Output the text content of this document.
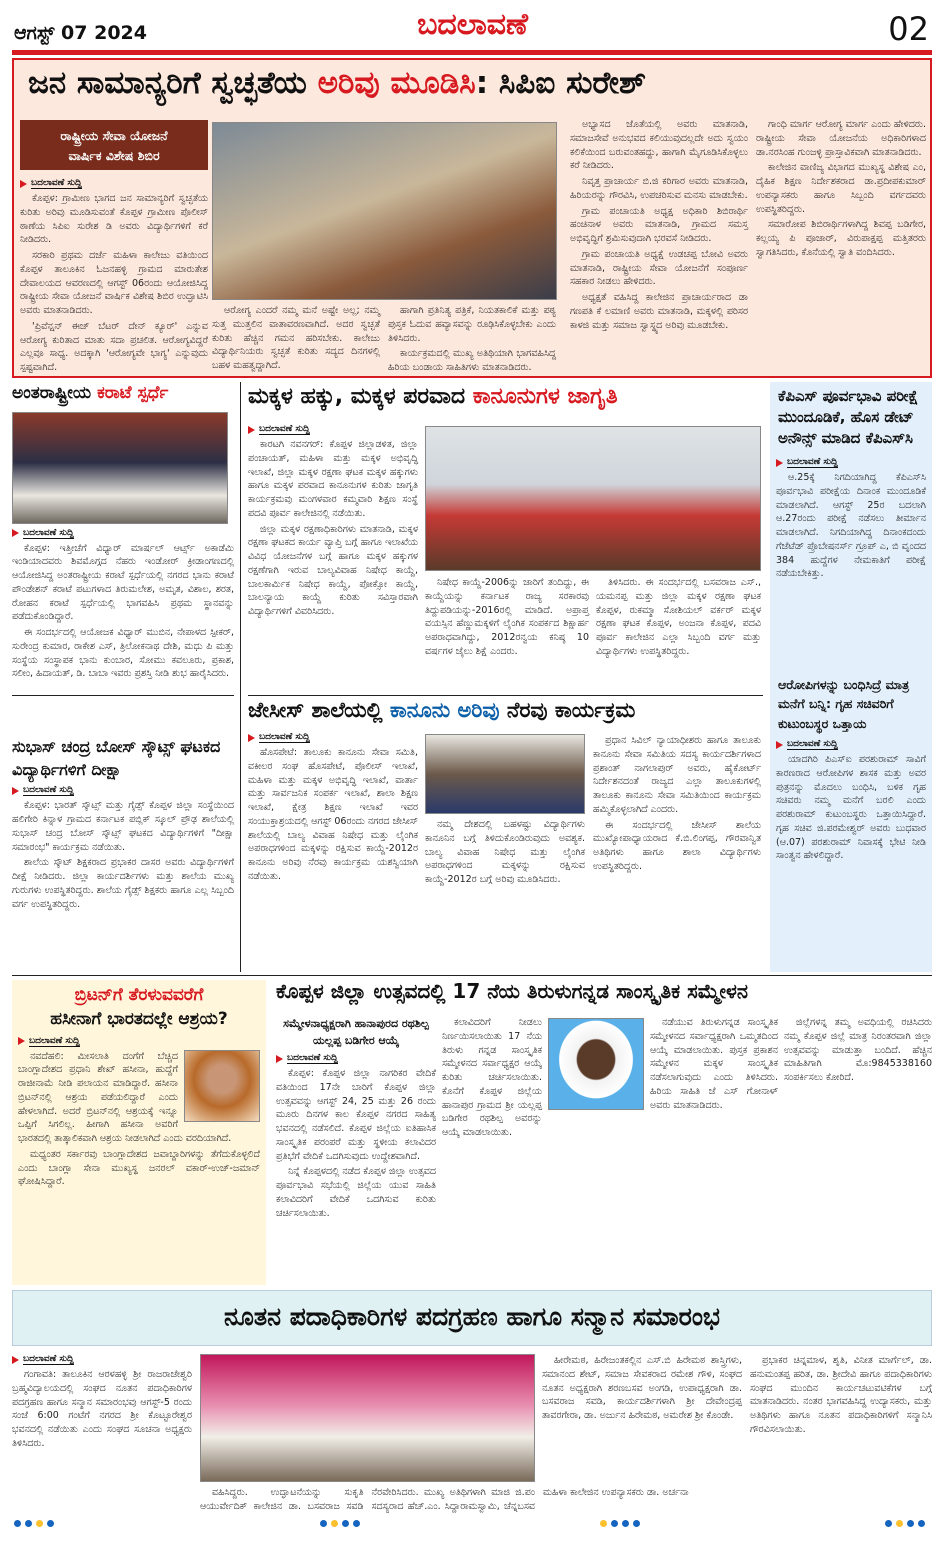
ಆಗಸ್ಟ್ 07 2024	ಬದಲಾವಣೆ	02
ಜನ ಸಾಮಾನ್ಯರಿಗೆ ಸ್ವಚ್ಛತೆಯ ಅರಿವು ಮೂಡಿಸಿ: ಸಿಪಿಐ ಸುರೇಶ್
ರಾಷ್ಟ್ರೀಯ ಸೇವಾ ಯೋಜನೆ
ವಾರ್ಷಿಕ ವಿಶೇಷ ಶಿಬಿರ
ಬದಲಾವಣೆ ಸುದ್ದಿ

ಕೊಪ್ಪಳ: ಗ್ರಾಮೀಣ ಭಾಗದ ಜನ ಸಾಮಾನ್ಯರಿಗೆ ಸ್ವಚ್ಛತೆಯ ಕುರಿತು ಅರಿವು ಮೂಡಿಸುವಂತೆ ಕೊಪ್ಪಳ ಗ್ರಾಮೀಣ ಪೊಲೀಸ್ ಠಾಣೆಯ ಸಿಪಿಐ ಸುರೇಶ ಡಿ ಅವರು ವಿದ್ಯಾರ್ಥಿಗಳಿಗೆ ಕರೆ ನೀಡಿದರು.

ಸರಕಾರಿ ಪ್ರಥಮ ದರ್ಜೆ ಮಹಿಳಾ ಕಾಲೇಜು ವತಿಯಿಂದ ಕೊಪ್ಪಳ ತಾಲೂಕಿನ ಓಜನಹಳ್ಳಿ ಗ್ರಾಮದ ಮಾರುತೇಶ ದೇವಾಲಯದ ಆವರಣದಲ್ಲಿ ಆಗಸ್ಟ್ 06ರಂದು ಆಯೋಜಿಸಿದ್ದ ರಾಷ್ಟ್ರೀಯ ಸೇವಾ ಯೋಜನೆ ವಾರ್ಷಿಕ ವಿಶೇಷ ಶಿಬಿರ ಉದ್ಘಾಟಿಸಿ ಅವರು ಮಾತನಾಡಿದರು.

'ಪ್ರಿವೆನ್ಷನ್ ಈಜ್ ಬೆಟರ್ ದೇನ್ ಕ್ಯೂರ್' ಎನ್ನುವ ಆರೋಗ್ಯ ಕುರಿತಾದ ಮಾತು ಸದಾ ಪ್ರಚಲಿತ. ಆರೋಗ್ಯವಿದ್ದರೆ ಎಲ್ಲವೂ ಸಾಧ್ಯ. ಅದಕ್ಕಾಗಿ 'ಆರೋಗ್ಯವೇ ಭಾಗ್ಯ' ಎನ್ನುವುದು ಸ್ಪಷ್ಟವಾಗಿದೆ.

ಆರೋಗ್ಯ ಎಂದರೆ ನಮ್ಮ ಮನೆ ಅಷ್ಟೇ ಅಲ್ಲ; ನಮ್ಮ ಸುತ್ತ ಮುತ್ತಲಿನ ವಾತಾವರಣವಾಗಿದೆ. ಅದರ ಸ್ವಚ್ಛತೆ ಕುರಿತು ಹೆಚ್ಚಿನ ಗಮನ ಹರಿಸಬೇಕು. ಕಾಲೇಜು ವಿದ್ಯಾರ್ಥಿನಿಯರು ಸ್ವಚ್ಛತೆ ಕುರಿತು ಸದ್ಯದ ದಿನಗಳಲ್ಲಿ ಬಹಳ ಮಹತ್ವದ್ದಾಗಿದೆ.

ಹಾಗಾಗಿ ಪ್ರತಿನಿತ್ಯ ಪತ್ರಿಕೆ, ನಿಯತಕಾಲಿಕೆ ಮತ್ತು ಪಠ್ಯ ಪುಸ್ತಕ ಓದುವ ಹವ್ಯಾಸವನ್ನು ರೂಢಿಸಿಕೊಳ್ಳಬೇಕು ಎಂದು ತಿಳಿಸಿದರು.

ಕಾರ್ಯಕ್ರಮದಲ್ಲಿ ಮುಖ್ಯ ಅತಿಥಿಯಾಗಿ ಭಾಗವಹಿಸಿದ್ದ ಹಿರಿಯ ಬಂಡಾಯ ಸಾಹಿತಿಗಳು ಮಾತನಾಡಿದರು.

ಅಭ್ಯಾಸದ ಜೊತೆಯಲ್ಲಿ ಅವರು ಮಾತನಾಡಿ, ಸಮಾಜಸೇವೆ ಅನುಭವದ ಕಲಿಯುವುದಲ್ಲದೇ ಅದು ಸ್ವಯಂ ಕಲಿಕೆಯಿಂದ ಬರುವಂತಹದ್ದು, ಹಾಗಾಗಿ ಮೈಗೂಡಿಸಿಕೊಳ್ಳಲು ಕರೆ ನೀಡಿದರು.

ನಿವೃತ್ತ ಪ್ರಾಚಾರ್ಯ ಬಿ.ಜಿ ಕರಿಗಾರ ಅವರು ಮಾತನಾಡಿ, ಹಿರಿಯರನ್ನು ಗೌರವಿಸಿ, ಉಪಚರಿಸುವ ಮನಸು ಮಾಡಬೇಕು.

ಗ್ರಾಮ ಪಂಚಾಯತಿ ಅಧ್ಯಕ್ಷ ಅಧಿಕಾರಿ ಶಿಬಿರಾರ್ಥಿ ಹಂಚಿನಾಳ ಅವರು ಮಾತನಾಡಿ, ಗ್ರಾಮದ ಸಮಸ್ತ ಅಭಿವೃದ್ಧಿಗೆ ಶ್ರಮಿಸುವುದಾಗಿ ಭರವಸೆ ನೀಡಿದರು.

ಗ್ರಾಮ ಪಂಚಾಯತಿ ಅಧ್ಯಕ್ಷೆ ಉಡಚಪ್ಪ ಬೋವಿ ಅವರು ಮಾತನಾಡಿ, ರಾಷ್ಟ್ರೀಯ ಸೇವಾ ಯೋಜನೆಗೆ ಸಂಪೂರ್ಣ ಸಹಕಾರ ನೀಡಲು ಹೇಳಿದರು.

ಅಧ್ಯಕ್ಷತೆ ವಹಿಸಿದ್ದ ಕಾಲೇಜಿನ ಪ್ರಾಚಾರ್ಯರಾದ ಡಾ ಗಣಪತಿ ಕೆ ಲಮಾಣಿ ಅವರು ಮಾತನಾಡಿ, ಮಕ್ಕಳಲ್ಲಿ ಪರಿಸರ ಕಾಳಜಿ ಮತ್ತು ಸಮಾಜ ಸ್ವಾಸ್ಥ್ಯದ ಅರಿವು ಮೂಡಬೇಕು.

ಗಾಂಧಿ ಮಾರ್ಗ ಆರೋಗ್ಯ ಮಾರ್ಗ ಎಂದು ಹೇಳಿದರು. ರಾಷ್ಟ್ರೀಯ ಸೇವಾ ಯೋಜನೆಯ ಅಧಿಕಾರಿಗಳಾದ ಡಾ.ನರಸಿಂಹ ಗುಂಜಳ್ಳಿ ಪ್ರಾಸ್ತಾವಿಕವಾಗಿ ಮಾತನಾಡಿದರು.

ಕಾಲೇಜಿನ ವಾಣಿಜ್ಯ ವಿಭಾಗದ ಮುಖ್ಯಸ್ಥ ವಿಶೇಷ ಎಂ, ದೈಹಿಕ ಶಿಕ್ಷಣ ನಿರ್ದೇಶಕರಾದ ಡಾ.ಪ್ರದೀಪಕುಮಾರ್ ಉಪನ್ಯಾಸಕರು ಹಾಗೂ ಸಿಬ್ಬಂದಿ ವರ್ಗದವರು ಉಪಸ್ಥಿತರಿದ್ದರು.

ಸಮಾರೋಪ ಶಿಬಿರಾರ್ಥಿಗಳಾಗಿದ್ದ ಶಿವಪ್ಪ ಬಡಿಗೇರ, ಕಲ್ಲಯ್ಯ ಪಿ ಪೂಜಾರ್, ವಿರುಪಾಕ್ಷಪ್ಪ ಮತ್ತಿತರರು ಸ್ವಾಗತಿಸಿದರು, ಕೊನೆಯಲ್ಲಿ ಸ್ವಾತಿ ವಂದಿಸಿದರು.

ಅಂತರಾಷ್ಟ್ರೀಯ ಕರಾಟೆ ಸ್ಪರ್ಧೆ
ಬದಲಾವಣೆ ಸುದ್ದಿ

ಕೊಪ್ಪಳ: ಇತ್ತೀಚೆಗೆ ವಿಧ್ಯಾರ್ ಮಾರ್ಷಲ್ ಆರ್ಟ್ಸ್ ಅಕಾಡೆಮಿ ಇಂಡಿಯಾದವರು ಶಿವಮೊಗ್ಗದ ನೆಹರು ಇಂಡೋರ್ ಕ್ರೀಡಾಂಗಣದಲ್ಲಿ ಆಯೋಜಿಸಿದ್ದ ಅಂತರಾಷ್ಟ್ರೀಯ ಕರಾಟೆ ಸ್ಪರ್ಧೆಯಲ್ಲಿ ನಗರದ ಭಾನು ಕರಾಟೆ ಪೌಂಡೇಶನ್ ಕರಾಟೆ ಪಟುಗಳಾದ ತಿರುಮಲೇಶ, ಅಮೃತ, ವಿಶಾಲ, ಶರತ, ರೋಹನ ಕರಾಟೆ ಸ್ಪರ್ಧೆಯಲ್ಲಿ ಭಾಗವಹಿಸಿ ಪ್ರಥಮ ಸ್ಥಾನವನ್ನು ಪಡೆದುಕೊಂಡಿದ್ದಾರೆ.

ಈ ಸಂದರ್ಭದಲ್ಲಿ ಆಯೋಜಕ ವಿಧ್ಯಾರ್ ಮುಬಿನ, ನೇಪಾಳದ ಸ್ಪೀಕರ್, ಸುರೇಂದ್ರ ಕುಮಾರ, ರಾಕೇಶ ಎಸ್, ತ್ರಿಲೋಕನಾಥ ದೇಶಿ, ಮಧು ಪಿ ಮತ್ತು ಸಂಸ್ಥೆಯ ಸಂಸ್ಥಾಪಕ ಭಾನು ಕುಂಬಾರ, ಸೋಮು ಕವಲೂರು, ಪ್ರಕಾಶ, ಸಲೀಂ, ಹಿದಾಯತ್, ಡಿ. ಬಾಬಾ ಇವರು ಪ್ರಶಸ್ತಿ ನೀಡಿ ಶುಭ ಹಾರೈಸಿದರು.

ಸುಭಾಸ್ ಚಂದ್ರ ಬೋಸ್ ಸ್ಕೌಟ್ಸ್ ಘಟಕದ ವಿದ್ಯಾರ್ಥಿಗಳಿಗೆ ದೀಕ್ಷಾ
ಬದಲಾವಣೆ ಸುದ್ದಿ

ಕೊಪ್ಪಳ: ಭಾರತ್ ಸ್ಕೌಟ್ಸ್ ಮತ್ತು ಗೈಡ್ಸ್ ಕೊಪ್ಪಳ ಜಿಲ್ಲಾ ಸಂಸ್ಥೆಯಿಂದ ಹಲಿಗೇರಿ ಕಿನ್ನಾಳ ಗ್ರಾಮದ ಕರ್ನಾಟಕ ಪಬ್ಲಿಕ್ ಸ್ಕೂಲ್ ಪ್ರೌಢ ಶಾಲೆಯಲ್ಲಿ ಸುಭಾಸ್ ಚಂದ್ರ ಬೋಸ್ ಸ್ಕೌಟ್ಸ್ ಘಟಕದ ವಿದ್ಯಾರ್ಥಿಗಳಿಗೆ "ದೀಕ್ಷಾ ಸಮಾರಂಭ" ಕಾರ್ಯಕ್ರಮ ನಡೆಯಿತು.

ಶಾಲೆಯ ಸ್ಕೌಟ್ ಶಿಕ್ಷಕರಾದ ಪ್ರಭಾಕರ ದಾಸರ ಅವರು ವಿದ್ಯಾರ್ಥಿಗಳಿಗೆ ದೀಕ್ಷೆ ನೀಡಿದರು. ಜಿಲ್ಲಾ ಕಾರ್ಯದರ್ಶಿಗಳು ಮತ್ತು ಶಾಲೆಯ ಮುಖ್ಯ ಗುರುಗಳು ಉಪಸ್ಥಿತರಿದ್ದರು. ಶಾಲೆಯ ಗೈಡ್ಸ್ ಶಿಕ್ಷಕರು ಹಾಗೂ ಎಲ್ಲ ಸಿಬ್ಬಂದಿ ವರ್ಗ ಉಪಸ್ಥಿತರಿದ್ದರು.

ಮಕ್ಕಳ ಹಕ್ಕು, ಮಕ್ಕಳ ಪರವಾದ ಕಾನೂನುಗಳ ಜಾಗೃತಿ
ಬದಲಾವಣೆ ಸುದ್ದಿ

ಕಾರಟಗಿ ನವನಗರ್: ಕೊಪ್ಪಳ ಜಿಲ್ಲಾಡಳಿತ, ಜಿಲ್ಲಾ ಪಂಚಾಯತ್, ಮಹಿಳಾ ಮತ್ತು ಮಕ್ಕಳ ಅಭಿವೃದ್ಧಿ ಇಲಾಖೆ, ಜಿಲ್ಲಾ ಮಕ್ಕಳ ರಕ್ಷಣಾ ಘಟಕ ಮಕ್ಕಳ ಹಕ್ಕುಗಳು ಹಾಗೂ ಮಕ್ಕಳ ಪರವಾದ ಕಾನೂನುಗಳ ಕುರಿತು ಜಾಗೃತಿ ಕಾರ್ಯಕ್ರಮವು ಮಂಗಳವಾರ ಕಮ್ಮವಾರಿ ಶಿಕ್ಷಣ ಸಂಸ್ಥೆ ಪದವಿ ಪೂರ್ವ ಕಾಲೇಜಿನಲ್ಲಿ ನಡೆಯಿತು.

ಜಿಲ್ಲಾ ಮಕ್ಕಳ ರಕ್ಷಣಾಧಿಕಾರಿಗಳು ಮಾತನಾಡಿ, ಮಕ್ಕಳ ರಕ್ಷಣಾ ಘಟಕದ ಕಾರ್ಯ ವ್ಯಾಪ್ತಿ ಬಗ್ಗೆ ಹಾಗೂ ಇಲಾಖೆಯ ವಿವಿಧ ಯೋಜನೆಗಳ ಬಗ್ಗೆ ಹಾಗೂ ಮಕ್ಕಳ ಹಕ್ಕುಗಳ ರಕ್ಷಣೆಗಾಗಿ ಇರುವ ಬಾಲ್ಯವಿವಾಹ ನಿಷೇಧ ಕಾಯ್ದೆ, ಬಾಲಕಾರ್ಮಿಕ ನಿಷೇಧ ಕಾಯ್ದೆ, ಪೋಕ್ಸೋ ಕಾಯ್ದೆ, ಬಾಲನ್ಯಾಯ ಕಾಯ್ದೆ ಕುರಿತು ಸವಿಸ್ತಾರವಾಗಿ ವಿದ್ಯಾರ್ಥಿಗಳಿಗೆ ವಿವರಿಸಿದರು.

ನಿಷೇಧ ಕಾಯ್ದೆ-2006ನ್ನು ಜಾರಿಗೆ ತಂದಿದ್ದು, ಈ ಕಾಯ್ದೆಯನ್ನು ಕರ್ನಾಟಕ ರಾಜ್ಯ ಸರಕಾರವು ತಿದ್ದುಪಡಿಯನ್ನು-2016ರಲ್ಲಿ ಮಾಡಿದೆ. ಅಪ್ರಾಪ್ತ ವಯಸ್ಸಿನ ಹೆಣ್ಣುಮಕ್ಕಳಿಗೆ ಲೈಂಗಿಕ ಸಂಪರ್ಕದ ಶಿಕ್ಷಾರ್ಹ ಅಪರಾಧವಾಗಿದ್ದು, 2012ರನ್ವಯ ಕನಿಷ್ಠ 10 ವರ್ಷಗಳ ಜೈಲು ಶಿಕ್ಷೆ ಎಂದರು.

ತಿಳಿಸಿದರು. ಈ ಸಂದರ್ಭದಲ್ಲಿ ಬಸವರಾಜ ಎಸ್., ಯಮನಪ್ಪ ಮತ್ತು ಜಿಲ್ಲಾ ಮಕ್ಕಳ ರಕ್ಷಣಾ ಘಟಕ ಕೊಪ್ಪಳ, ರುಕಮ್ಮಾ ಸೋಶಿಯಲ್ ವರ್ಕರ್ ಮಕ್ಕಳ ರಕ್ಷಣಾ ಘಟಕ ಕೊಪ್ಪಳ, ಅಂಜನಾ ಕೊಪ್ಪಳ, ಪದವಿ ಪೂರ್ವ ಕಾಲೇಜಿನ ಎಲ್ಲಾ ಸಿಬ್ಬಂದಿ ವರ್ಗ ಮತ್ತು ವಿದ್ಯಾರ್ಥಿಗಳು ಉಪಸ್ಥಿತರಿದ್ದರು.

ಜೇಸೀಸ್ ಶಾಲೆಯಲ್ಲಿ ಕಾನೂನು ಅರಿವು ನೆರವು ಕಾರ್ಯಕ್ರಮ
ಬದಲಾವಣೆ ಸುದ್ದಿ

ಹೊಸಪೇಟೆ: ತಾಲೂಕು ಕಾನೂನು ಸೇವಾ ಸಮಿತಿ, ವಕೀಲರ ಸಂಘ ಹೊಸಪೇಟೆ, ಪೊಲೀಸ್ ಇಲಾಖೆ, ಮಹಿಳಾ ಮತ್ತು ಮಕ್ಕಳ ಅಭಿವೃದ್ಧಿ ಇಲಾಖೆ, ವಾರ್ತಾ ಮತ್ತು ಸಾರ್ವಜನಿಕ ಸಂಪರ್ಕ ಇಲಾಖೆ, ಶಾಲಾ ಶಿಕ್ಷಣ ಇಲಾಖೆ, ಕ್ಷೇತ್ರ ಶಿಕ್ಷಣ ಇಲಾಖೆ ಇವರ ಸಂಯುಕ್ತಾಶ್ರಯದಲ್ಲಿ ಆಗಸ್ಟ್ 06ರಂದು ನಗರದ ಜೇಸೀಸ್ ಶಾಲೆಯಲ್ಲಿ ಬಾಲ್ಯ ವಿವಾಹ ನಿಷೇಧ ಮತ್ತು ಲೈಂಗಿಕ ಅಪರಾಧಗಳಿಂದ ಮಕ್ಕಳನ್ನು ರಕ್ಷಿಸುವ ಕಾಯ್ದೆ-2012ರ ಕಾನೂನು ಅರಿವು ನೆರವು ಕಾರ್ಯಕ್ರಮ ಯಶಸ್ವಿಯಾಗಿ ನಡೆಯಿತು.

ನಮ್ಮ ದೇಶದಲ್ಲಿ ಬಹಳಷ್ಟು ವಿದ್ಯಾರ್ಥಿಗಳು ಕಾನೂನಿನ ಬಗ್ಗೆ ತಿಳಿದುಕೊಂಡಿರುವುದು ಅವಶ್ಯಕ. ಬಾಲ್ಯ ವಿವಾಹ ನಿಷೇಧ ಮತ್ತು ಲೈಂಗಿಕ ಅಪರಾಧಗಳಿಂದ ಮಕ್ಕಳನ್ನು ರಕ್ಷಿಸುವ ಕಾಯ್ದೆ-2012ರ ಬಗ್ಗೆ ಅರಿವು ಮೂಡಿಸಿದರು.

ಪ್ರಧಾನ ಸಿವಿಲ್ ನ್ಯಾಯಾಧೀಶರು ಹಾಗೂ ತಾಲೂಕು ಕಾನೂನು ಸೇವಾ ಸಮಿತಿಯ ಸದಸ್ಯ ಕಾರ್ಯದರ್ಶಿಗಳಾದ ಪ್ರಶಾಂತ್ ನಾಗಲಾಪುರ್ ಅವರು, ಹೈಕೋರ್ಟ್ ನಿರ್ದೇಶನದಂತೆ ರಾಜ್ಯದ ಎಲ್ಲಾ ತಾಲೂಕುಗಳಲ್ಲಿ ತಾಲೂಕು ಕಾನೂನು ಸೇವಾ ಸಮಿತಿಯಿಂದ ಕಾರ್ಯಕ್ರಮ ಹಮ್ಮಿಕೊಳ್ಳಲಾಗಿದೆ ಎಂದರು.

ಈ ಸಂದರ್ಭದಲ್ಲಿ ಜೇಸೀಸ್ ಶಾಲೆಯ ಮುಖ್ಯೋಪಾಧ್ಯಾಯರಾದ ಕೆ.ಬಿ.ಲಿಂಗಪ್ಪ, ಗೌರವಾನ್ವಿತ ಅತಿಥಿಗಳು ಹಾಗೂ ಶಾಲಾ ವಿದ್ಯಾರ್ಥಿಗಳು ಉಪಸ್ಥಿತರಿದ್ದರು.

ಕೆಪಿಎಸ್ ಪೂರ್ವಭಾವಿ ಪರೀಕ್ಷೆ ಮುಂದೂಡಿಕೆ, ಹೊಸ ಡೇಟ್ ಅನೌನ್ಸ್ ಮಾಡಿದ ಕೆಪಿಎಸ್‌ಸಿ
ಬದಲಾವಣೆ ಸುದ್ದಿ

ಆ.25ಕ್ಕೆ ನಿಗದಿಯಾಗಿದ್ದ ಕೆಪಿಎಸ್‌ಸಿ ಪೂರ್ವಭಾವಿ ಪರೀಕ್ಷೆಯ ದಿನಾಂಕ ಮುಂದೂಡಿಕೆ ಮಾಡಲಾಗಿದೆ. ಆಗಸ್ಟ್ 25ರ ಬದಲಾಗಿ ಆ.27ರಂದು ಪರೀಕ್ಷೆ ನಡೆಸಲು ತೀರ್ಮಾನ ಮಾಡಲಾಗಿದೆ. ನಿಗದಿಯಾಗಿದ್ದ ದಿನಾಂಕದಂದು ಗೆಜೆಟೆಡ್ ಪ್ರೊಬೇಷನರ್ಸ್ ಗ್ರೂಪ್ ಎ, ಬಿ ವೃಂದದ 384 ಹುದ್ದೆಗಳ ನೇಮಕಾತಿಗೆ ಪರೀಕ್ಷೆ ನಡೆಯಬೇಕಿತ್ತು.

ಆರೋಪಿಗಳನ್ನು ಬಂಧಿಸಿದ್ರೆ ಮಾತ್ರ ಮನೆಗೆ ಬನ್ನಿ: ಗೃಹ ಸಚಿವರಿಗೆ ಕುಟುಂಬಸ್ಥರ ಒತ್ತಾಯ
ಬದಲಾವಣೆ ಸುದ್ದಿ

ಯಾದಗಿರಿ ಪಿಎಸ್‌ಐ ಪರಶುರಾಮ್ ಸಾವಿಗೆ ಕಾರಣರಾದ ಆರೋಪಿಗಳ ಶಾಸಕ ಮತ್ತು ಅವರ ಪುತ್ರನನ್ನು ಮೊದಲು ಬಂಧಿಸಿ, ಬಳಿಕ ಗೃಹ ಸಚಿವರು ನಮ್ಮ ಮನೆಗೆ ಬರಲಿ ಎಂದು ಪರಶುರಾಮ್ ಕುಟುಂಬಸ್ಥರು ಒತ್ತಾಯಿಸಿದ್ದಾರೆ. ಗೃಹ ಸಚಿವ ಜಿ.ಪರಮೇಶ್ವರ್ ಅವರು ಬುಧವಾರ (ಆ.07) ಪರಶುರಾಮ್ ನಿವಾಸಕ್ಕೆ ಭೇಟಿ ನೀಡಿ ಸಾಂತ್ವನ ಹೇಳಲಿದ್ದಾರೆ.

ಬ್ರಿಟನ್‌ಗೆ ತೆರಳುವವರೆಗೆ
ಹಸೀನಾಗೆ ಭಾರತದಲ್ಲೇ ಆಶ್ರಯ?
ಬದಲಾವಣೆ ಸುದ್ದಿ

ನವದೆಹಲಿ: ಮೀಸಲಾತಿ ದಂಗೆಗೆ ಬೆಚ್ಚಿದ ಬಾಂಗ್ಲಾದೇಶದ ಪ್ರಧಾನಿ ಶೇಖ್ ಹಸೀನಾ, ಹುದ್ದೆಗೆ ರಾಜೀನಾಮೆ ನೀಡಿ ಪಲಾಯನ ಮಾಡಿದ್ದಾರೆ. ಹಸೀನಾ ಬ್ರಿಟನ್‌ನಲ್ಲಿ ಆಶ್ರಯ ಪಡೆಯಲಿದ್ದಾರೆ ಎಂದು ಹೇಳಲಾಗಿದೆ. ಅದರೆ ಬ್ರಿಟನ್‌ನಲ್ಲಿ ಆಶ್ರಯಕ್ಕೆ ಇನ್ನೂ ಒಪ್ಪಿಗೆ ಸಿಗಲಿಲ್ಲ. ಹೀಗಾಗಿ ಹಸೀನಾ ಅವರಿಗೆ ಭಾರತದಲ್ಲಿ ತಾತ್ಕಾಲಿಕವಾಗಿ ಆಶ್ರಯ ನೀಡಲಾಗಿದೆ ಎಂದು ವರದಿಯಾಗಿದೆ.

ಮಧ್ಯಂತರ ಸರ್ಕಾರವು ಬಾಂಗ್ಲಾದೇಶದ ಜವಾಬ್ದಾರಿಗಳನ್ನು ತೆಗೆದುಕೊಳ್ಳಲಿದೆ ಎಂದು ಬಾಂಗ್ಲಾ ಸೇನಾ ಮುಖ್ಯಸ್ಥ ಜನರಲ್ ವಕಾರ್-ಉಜ್-ಜಮಾನ್ ಘೋಷಿಸಿದ್ದಾರೆ.

ಕೊಪ್ಪಳ ಜಿಲ್ಲಾ ಉತ್ಸವದಲ್ಲಿ 17 ನೆಯ ತಿರುಳುಗನ್ನಡ ಸಾಂಸ್ಕೃತಿಕ ಸಮ್ಮೇಳನ
ಸಮ್ಮೇಳನಾಧ್ಯಕ್ಷರಾಗಿ ಹಾನಾಪುರದ ರಥಶಿಲ್ಪ ಯಲ್ಲಪ್ಪ ಬಡಿಗೇರ ಆಯ್ಕೆ
ಬದಲಾವಣೆ ಸುದ್ದಿ

ಕೊಪ್ಪಳ: ಕೊಪ್ಪಳ ಜಿಲ್ಲಾ ನಾಗರಿಕರ ವೇದಿಕೆ ವತಿಯಿಂದ 17ನೇ ಬಾರಿಗೆ ಕೊಪ್ಪಳ ಜಿಲ್ಲಾ ಉತ್ಸವವನ್ನು ಆಗಸ್ಟ್ 24, 25 ಮತ್ತು 26 ರಂದು ಮೂರು ದಿನಗಳ ಕಾಲ ಕೊಪ್ಪಳ ನಗರದ ಸಾಹಿತ್ಯ ಭವನದಲ್ಲಿ ನಡೆಸಲಿದೆ. ಕೊಪ್ಪಳ ಜಿಲ್ಲೆಯ ಐತಿಹಾಸಿಕ ಸಾಂಸ್ಕೃತಿಕ ಪರಂಪರೆ ಮತ್ತು ಸ್ಥಳೀಯ ಕಲಾವಿದರ ಪ್ರತಿಭೆಗೆ ವೇದಿಕೆ ಒದಗಿಸುವುದು ಉದ್ದೇಶವಾಗಿದೆ.

ನಿನ್ನೆ ಕೊಪ್ಪಳದಲ್ಲಿ ನಡೆದ ಕೊಪ್ಪಳ ಜಿಲ್ಲಾ ಉತ್ಸವದ ಪೂರ್ವಭಾವಿ ಸಭೆಯಲ್ಲಿ ಜಿಲ್ಲೆಯ ಯುವ ಸಾಹಿತಿ ಕಲಾವಿದರಿಗೆ ವೇದಿಕೆ ಒದಗಿಸುವ ಕುರಿತು ಚರ್ಚಿಸಲಾಯಿತು.

ಕಲಾವಿದರಿಗೆ ನೀಡಲು ನಿರ್ಣಯಿಸಲಾಯಿತು 17 ನೆಯ ತಿರುಳು ಗನ್ನಡ ಸಾಂಸ್ಕೃತಿಕ ಸಮ್ಮೇಳನದ ಸರ್ವಾಧ್ಯಕ್ಷರ ಆಯ್ಕೆ ಕುರಿತು ಚರ್ಚಿಸಲಾಯಿತು. ಕೊನೆಗೆ ಕೊಪ್ಪಳ ಜಿಲ್ಲೆಯ ಹಾನಾಪುರ ಗ್ರಾಮದ ಶ್ರೀ ಯಲ್ಲಪ್ಪ ಬಡಿಗೇರ ರಥಶಿಲ್ಪ ಅವರನ್ನು ಆಯ್ಕೆ ಮಾಡಲಾಯಿತು.

ನಡೆಯುವ ತಿರುಳುಗನ್ನಡ ಸಾಂಸ್ಕೃತಿಕ ಸಮ್ಮೇಳನದ ಸರ್ವಾಧ್ಯಕ್ಷರಾಗಿ ಒಮ್ಮತದಿಂದ ಆಯ್ಕೆ ಮಾಡಲಾಯಿತು. ಪುಸ್ತಕ ಪ್ರಕಾಶನ ಸಮ್ಮೇಳನ ಮಕ್ಕಳ ಸಾಂಸ್ಕೃತಿಕ ನಡೆಸಲಾಗುವುದು ಎಂದು ತಿಳಿಸಿದರು. ಹಿರಿಯ ಸಾಹಿತಿ ಜೆ ಎಸ್ ಗೋನಾಳ್ ಅವರು ಮಾತನಾಡಿದರು.

ಜಿಲ್ಲೆಗಳನ್ನ ತಮ್ಮ ಅವಧಿಯಲ್ಲಿ ರಚಿಸಿದರು ನಮ್ಮ ಕೊಪ್ಪಳ ಜಿಲ್ಲೆ ಮಾತ್ರ ನಿರಂತರವಾಗಿ ಜಿಲ್ಲಾ ಉತ್ಸವವನ್ನು ಮಾಡುತ್ತಾ ಬಂದಿದೆ. ಹೆಚ್ಚಿನ ಮಾಹಿತಿಗಾಗಿ ಮೊ:9845338160 ಸಂಪರ್ಕಿಸಲು ಕೋರಿದೆ.

ನೂತನ ಪದಾಧಿಕಾರಿಗಳ ಪದಗ್ರಹಣ ಹಾಗೂ ಸನ್ಮಾನ ಸಮಾರಂಭ
ಬದಲಾವಣೆ ಸುದ್ದಿ

ಗಂಗಾವತಿ: ತಾಲೂಕಿನ ಆರಳಹಳ್ಳಿ ಶ್ರೀ ರಾಜರಾಜೇಶ್ವರಿ ಬ್ರಹ್ಮವಿದ್ಯಾಲಯದಲ್ಲಿ ಸಂಘದ ನೂತನ ಪದಾಧಿಕಾರಿಗಳ ಪದಗ್ರಹಣ ಹಾಗೂ ಸನ್ಮಾನ ಸಮಾರಂಭವು ಆಗಸ್ಟ್-5 ರಂದು ಸಂಜೆ 6:00 ಗಂಟೆಗೆ ನಗರದ ಶ್ರೀ ಕೊಟ್ಟೂರೇಶ್ವರ ಭವನದಲ್ಲಿ ನಡೆಯಿತು ಎಂದು ಸಂಘದ ಸೂಚನಾ ಅಧ್ಯಕ್ಷರು ತಿಳಿಸಿದರು.

ವಹಿಸಿದ್ದರು. ಉದ್ಘಾಟನೆಯನ್ನು ಸುಕೃತಿ ಆಯುರ್ವೇದಿಕ್ ಕಾಲೇಜಿನ ಡಾ. ಬಸವರಾಜ ಸವಡಿ ನೆರವೇರಿಸಿದರು. ಮುಖ್ಯ ಅತಿಥಿಗಳಾಗಿ ಮಾಜಿ ಜಿ.ಪಂ ಸದಸ್ಯರಾದ ಹೆಚ್.ಎಂ. ಸಿದ್ದಾರಾಮಸ್ವಾಮಿ, ಚೆನ್ನಬಸವ ಮಹಿಳಾ ಕಾಲೇಜಿನ ಉಪನ್ಯಾಸಕರು ಡಾ. ಅರ್ಚನಾ

ಹೀರೇಮಠ, ಹಿರೇಜಂತಕಲ್ಲಿನ ಎಸ್.ಬಿ ಹಿರೇಮಠ ಶಾಸ್ತ್ರಿಗಳು, ಸಮಾನಂದ ಶೇಟ್, ಸಮಾಜ ಸೇವಕರಾದ ರಮೇಶ ಗೌಳಿ, ಸಂಘದ ನೂತನ ಅಧ್ಯಕ್ಷರಾಗಿ ಶರಣಬಸವ ಅಂಗಡಿ, ಉಪಾಧ್ಯಕ್ಷರಾಗಿ ಡಾ. ಬಸವರಾಜ ಸವಡಿ, ಕಾರ್ಯದರ್ಶಿಗಳಾಗಿ ಶ್ರೀ ದೇವೇಂದ್ರಪ್ಪ ತಾವರಗೇರಾ, ಡಾ. ಅರ್ಜುನ ಹಿರೇಮಠ, ಅಮರೇಶ ಶ್ರೀ ಕೊಂಡೇ.

ಪ್ರಭಾಕರ ಚಿನ್ನಮಾಳ, ಶೃತಿ, ವಿನೀತ ಮಾರ್ಗೆಲ್, ಡಾ. ಹನುಮಂತಪ್ಪ ಹರಿತ, ಡಾ. ಶ್ರೀದೇವಿ ಹಾಗೂ ಪದಾಧಿಕಾರಿಗಳು ಸಂಘದ ಮುಂದಿನ ಕಾರ್ಯಚಟುವಟಿಕೆಗಳ ಬಗ್ಗೆ ಮಾತನಾಡಿದರು. ನಂತರ ಭಾಗವಹಿಸಿದ್ದ ಉದ್ಯಾಸಕರು, ಮತ್ತು ಅತಿಥಿಗಳು ಹಾಗೂ ನೂತನ ಪದಾಧಿಕಾರಿಗಳಿಗೆ ಸನ್ಮಾನಿಸಿ ಗೌರವಿಸಲಾಯಿತು.
